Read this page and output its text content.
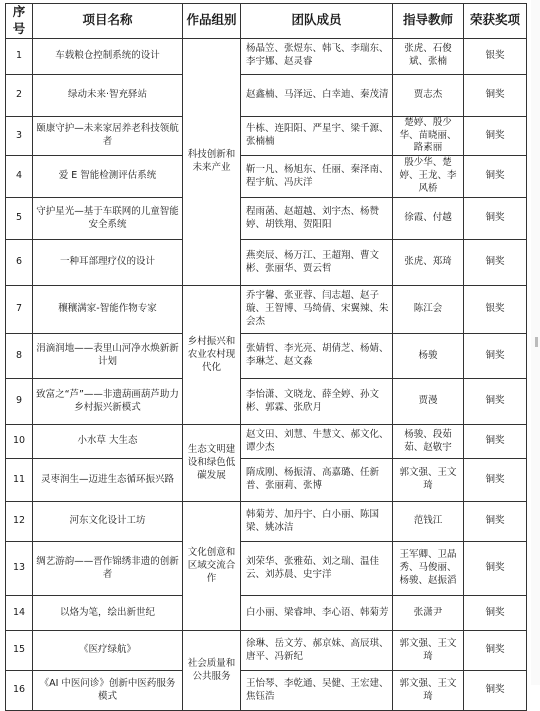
序号	项目名称	作品组别	团队成员	指导教师	荣获奖项
1	车载粮仓控制系统的设计	科技创新和未来产业	杨晶笠、张煜东、韩飞、李瑞东、李宇娜、赵灵睿	张虎、石俊斌、张楠	银奖
2	绿动未来·智充驿站		赵鑫楠、马泽远、白幸迪、秦茂清	贾志杰	铜奖
3	颐康守护—未来家居养老科技领航者		牛栋、连阳阳、严星宇、梁千源、张楠楠	楚婷、殷少华、苗晓丽、路素丽	铜奖
4	爱 E 智能检测评估系统		靳一凡、杨旭东、任丽、秦泽南、程宇航、冯庆洋	殷少华、楚婷、王龙、李风桥	铜奖
5	守护星光—基于车联网的儿童智能安全系统		程雨菡、赵超越、刘宇杰、杨赞婷、胡铁翔、贺阳阳	徐霞、付越	铜奖
6	一种耳部理疗仪的设计		燕奕辰、杨万江、王超翔、曹文彬、张丽华、贾云哲	张虎、郑琦	铜奖
7	穰穰满家-智能作物专家	乡村振兴和农业农村现代化	乔宇馨、张亚蓉、闫志超、赵子璇、王智博、马绮倩、宋翼辣、朱会杰	陈江会	银奖
8	涓滴润地——表里山河净水焕新新计划		张婧哲、李光亮、胡倩芝、杨婧、李琳芝、赵文淼	杨骏	铜奖
9	致富之“芦”——非遗葫画葫芦助力乡村振兴新模式		李怡潇、文晓龙、薛全婷、孙文彬、郭霖、张欣月	贾漫	铜奖
10	小水草 大生态	生态文明建设和绿色低碳发展	赵文田、刘慧、牛慧文、郝文化、谭少杰	杨骏、段茹茹、赵敬宇	铜奖
11	灵枣润生—迈进生态循环振兴路		隋成刚、杨振清、高嘉璐、任新普、张丽莉、张博	郭文强、王文琦	铜奖
12	河东文化设计工坊	文化创意和区域交流合作	韩菊芳、加丹宇、白小丽、陈国梁、姚冰洁	范钱江	铜奖
13	绸艺游韵——晋作锦绣非遗的创新者		刘荣华、张雅茹、刘之瑞、温佳云、刘苏晨、史宇洋	王军卿、卫晶秀、马俊丽、杨骏、赵振滔	铜奖
14	以烙为笔，绘出新世纪		白小丽、梁睿坤、李心语、韩菊芳	张潇尹	铜奖
15	《医疗绿航》	社会质量和公共服务	徐琳、岳文芳、郝京妹、高辰琪、唐平、冯新纪	郭文强、王文琦	铜奖
16	《AI 中医问诊》创新中医药服务模式		王怡琴、李乾通、吴健、王宏建、焦钰浩	郭文强、王文琦	铜奖
